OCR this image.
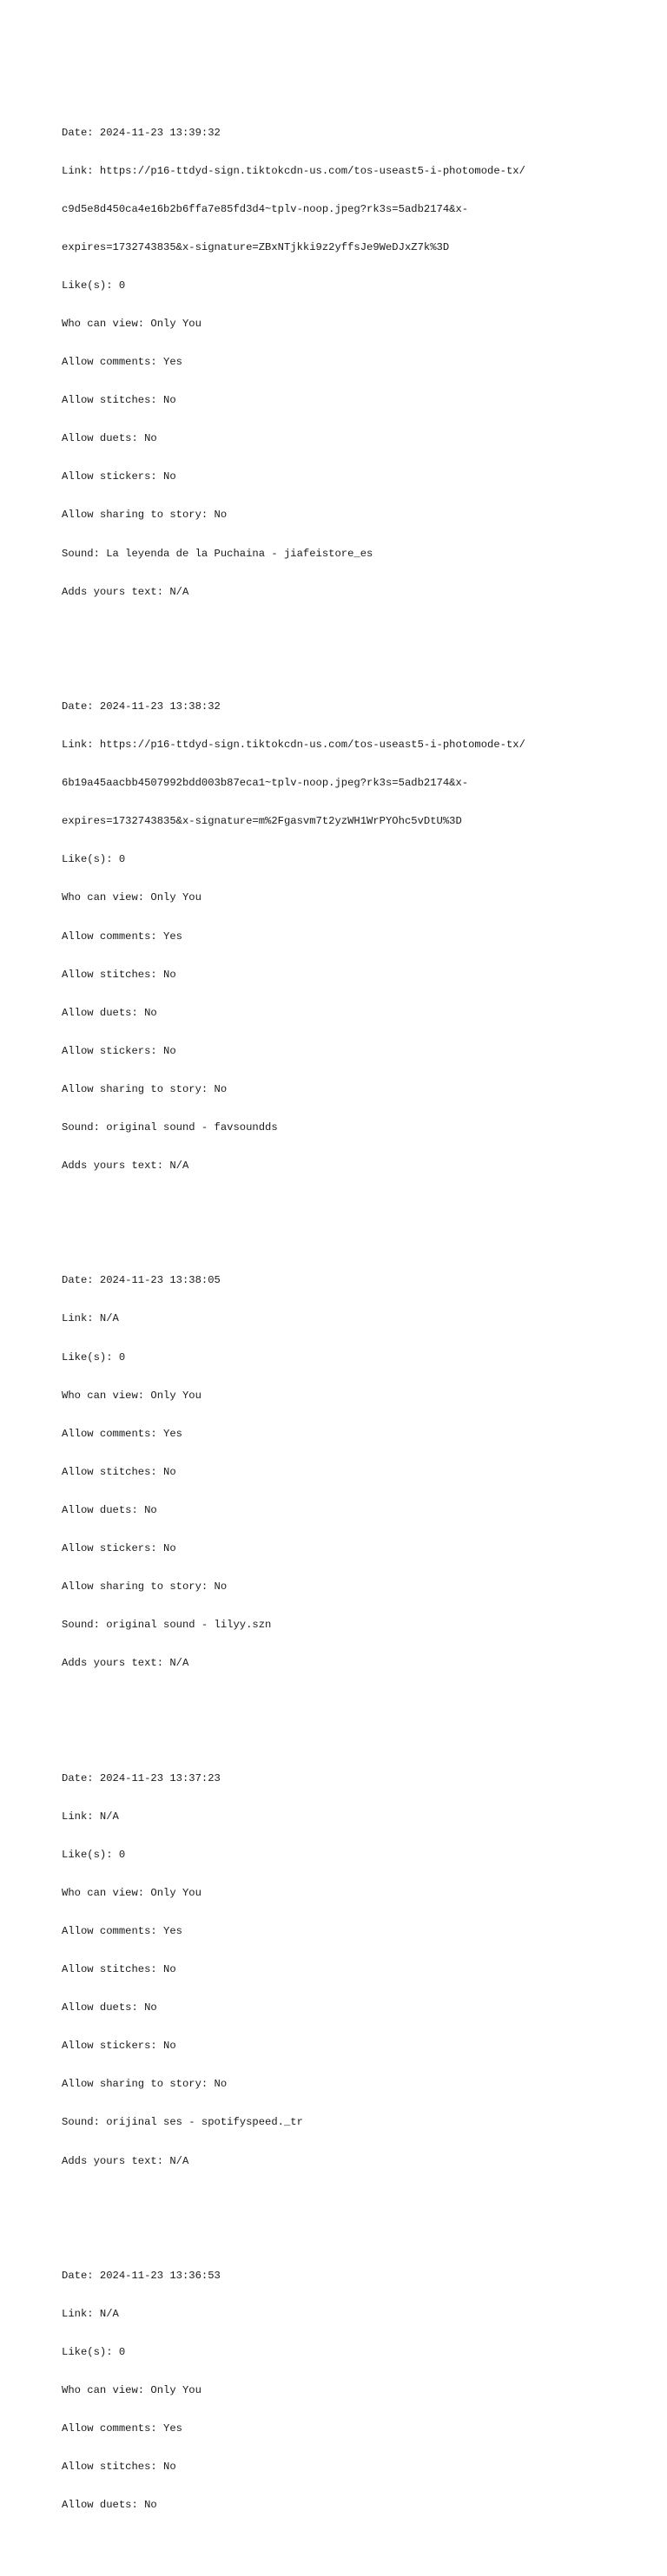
Date: 2024-11-23 13:39:32

Link: https://p16-ttdyd-sign.tiktokcdn-us.com/tos-useast5-i-photomode-tx/

c9d5e8d450ca4e16b2b6ffa7e85fd3d4~tplv-noop.jpeg?rk3s=5adb2174&x-

expires=1732743835&x-signature=ZBxNTjkki9z2yffsJe9WeDJxZ7k%3D

Like(s): 0

Who can view: Only You

Allow comments: Yes

Allow stitches: No

Allow duets: No

Allow stickers: No

Allow sharing to story: No

Sound: La leyenda de la Puchaina - jiafeistore_es

Adds yours text: N/A

Date: 2024-11-23 13:38:32

Link: https://p16-ttdyd-sign.tiktokcdn-us.com/tos-useast5-i-photomode-tx/

6b19a45aacbb4507992bdd003b87eca1~tplv-noop.jpeg?rk3s=5adb2174&x-

expires=1732743835&x-signature=m%2Fgasvm7t2yzWH1WrPYOhc5vDtU%3D

Like(s): 0

Who can view: Only You

Allow comments: Yes

Allow stitches: No

Allow duets: No

Allow stickers: No

Allow sharing to story: No

Sound: original sound - favsoundds

Adds yours text: N/A

Date: 2024-11-23 13:38:05

Link: N/A

Like(s): 0

Who can view: Only You

Allow comments: Yes

Allow stitches: No

Allow duets: No

Allow stickers: No

Allow sharing to story: No

Sound: original sound - lilyy.szn

Adds yours text: N/A

Date: 2024-11-23 13:37:23

Link: N/A

Like(s): 0

Who can view: Only You

Allow comments: Yes

Allow stitches: No

Allow duets: No

Allow stickers: No

Allow sharing to story: No

Sound: orijinal ses - spotifyspeed._tr

Adds yours text: N/A

Date: 2024-11-23 13:36:53

Link: N/A

Like(s): 0

Who can view: Only You

Allow comments: Yes

Allow stitches: No

Allow duets: No
